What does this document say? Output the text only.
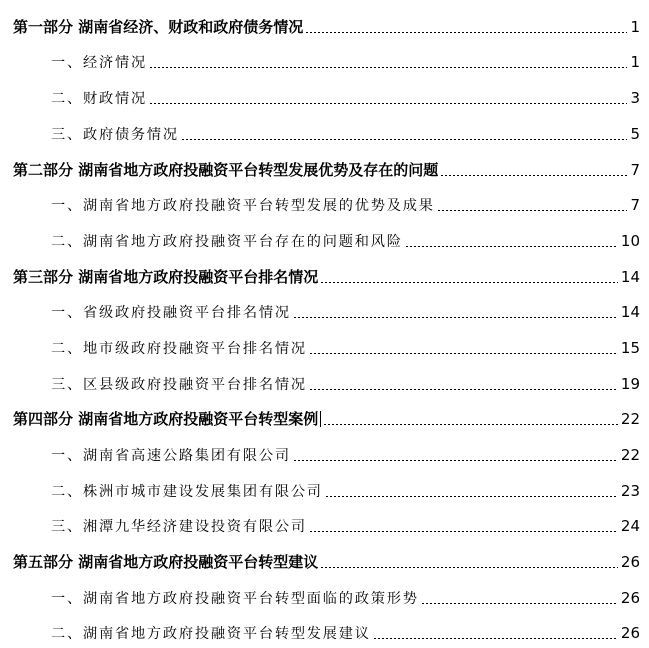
第一部分 湖南省经济、财政和政府债务情况	1
一、经济情况	1
二、财政情况	3
三、政府债务情况	5
第二部分 湖南省地方政府投融资平台转型发展优势及存在的问题	7
一、湖南省地方政府投融资平台转型发展的优势及成果	7
二、湖南省地方政府投融资平台存在的问题和风险	10
第三部分 湖南省地方政府投融资平台排名情况	14
一、省级政府投融资平台排名情况	14
二、地市级政府投融资平台排名情况	15
三、区县级政府投融资平台排名情况	19
第四部分 湖南省地方政府投融资平台转型案例	22
一、湖南省高速公路集团有限公司	22
二、株洲市城市建设发展集团有限公司	23
三、湘潭九华经济建设投资有限公司	24
第五部分 湖南省地方政府投融资平台转型建议	26
一、湖南省地方政府投融资平台转型面临的政策形势	26
二、湖南省地方政府投融资平台转型发展建议	26
